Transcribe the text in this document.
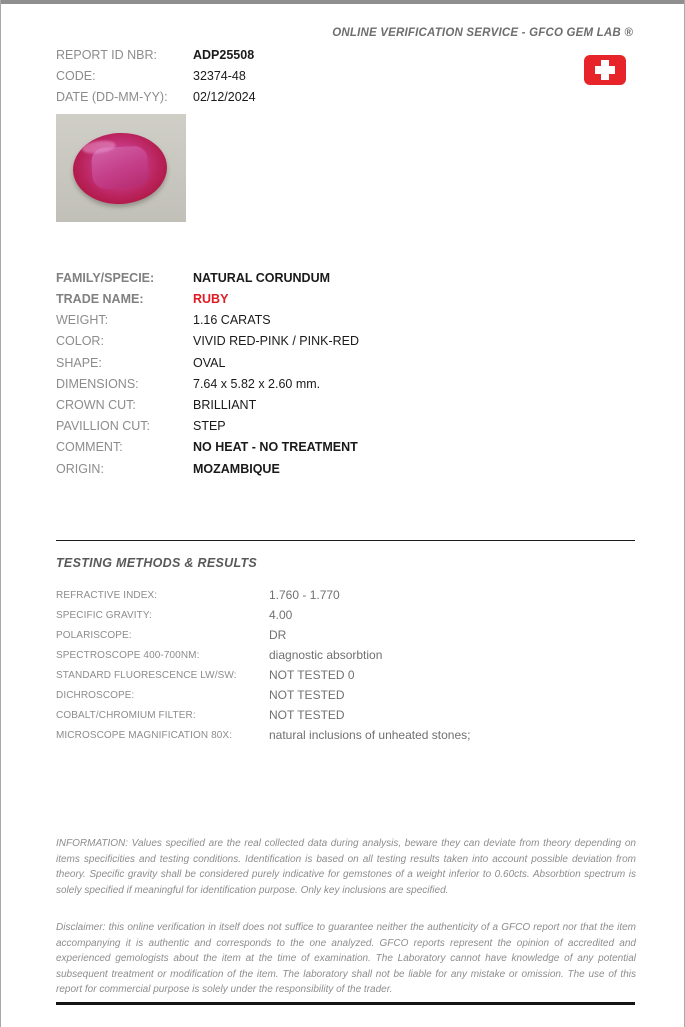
ONLINE VERIFICATION SERVICE - GFCO GEM LAB ®
REPORT ID NBR:	ADP25508
CODE:	32374-48
DATE (DD-MM-YY): 02/12/2024
FAMILY/SPECIE:	NATURAL CORUNDUM
TRADE NAME:	RUBY
WEIGHT:	1.16 CARATS
COLOR:	VIVID RED-PINK / PINK-RED
SHAPE:	OVAL
DIMENSIONS:	7.64 x 5.82 x 2.60 mm.
CROWN CUT:	BRILLIANT
PAVILLION CUT:	STEP
COMMENT:	NO HEAT - NO TREATMENT
ORIGIN:	MOZAMBIQUE
TESTING METHODS & RESULTS
REFRACTIVE INDEX:	1.760 - 1.770
SPECIFIC GRAVITY:	4.00
POLARISCOPE:	DR
SPECTROSCOPE 400-700NM:	diagnostic absorbtion
STANDARD FLUORESCENCE LW/SW:	NOT TESTED 0
DICHROSCOPE:	NOT TESTED
COBALT/CHROMIUM FILTER:	NOT TESTED
MICROSCOPE MAGNIFICATION 80X:	natural inclusions of unheated stones;
INFORMATION: Values specified are the real collected data during analysis, beware they can deviate from theory depending on items specificities and testing conditions. Identification is based on all testing results taken into account possible deviation from theory. Specific gravity shall be considered purely indicative for gemstones of a weight inferior to 0.60cts. Absorbtion spectrum is solely specified if meaningful for identification purpose. Only key inclusions are specified.
Disclaimer: this online verification in itself does not suffice to guarantee neither the authenticity of a GFCO report nor that the item accompanying it is authentic and corresponds to the one analyzed. GFCO reports represent the opinion of accredited and experienced gemologists about the item at the time of examination. The Laboratory cannot have knowledge of any potential subsequent treatment or modification of the item. The laboratory shall not be liable for any mistake or omission. The use of this report for commercial purpose is solely under the responsibility of the trader.
